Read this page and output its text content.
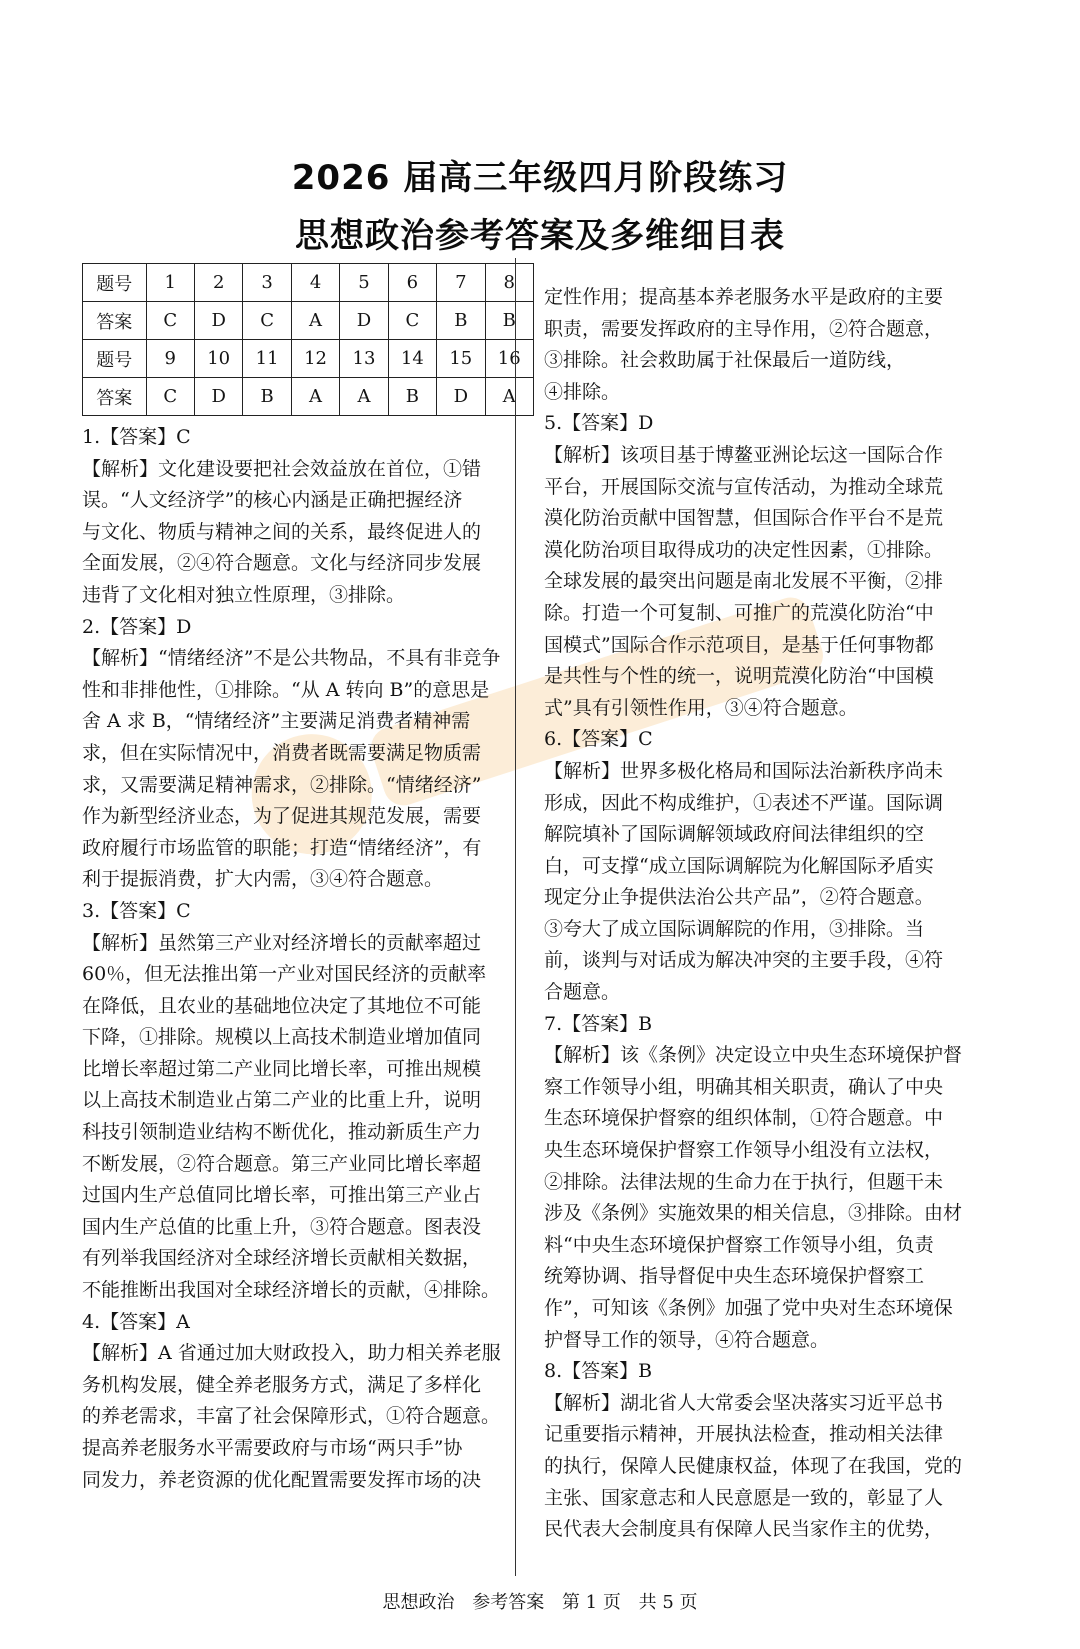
2026 届高三年级四月阶段练习
思想政治参考答案及多维细目表
题号	1	2	3	4	5	6	7	8
答案	C	D	C	A	D	C	B	B
题号	9	10	11	12	13	14	15	16
答案	C	D	B	A	A	B	D	A
1.【答案】C
【解析】文化建设要把社会效益放在首位，①错
误。“人文经济学”的核心内涵是正确把握经济
与文化、物质与精神之间的关系，最终促进人的
全面发展，②④符合题意。文化与经济同步发展
违背了文化相对独立性原理，③排除。
2.【答案】D
【解析】“情绪经济”不是公共物品，不具有非竞争
性和非排他性，①排除。“从 A 转向 B”的意思是
舍 A 求 B，“情绪经济”主要满足消费者精神需
求，但在实际情况中，消费者既需要满足物质需
求，又需要满足精神需求，②排除。“情绪经济”
作为新型经济业态，为了促进其规范发展，需要
政府履行市场监管的职能；打造“情绪经济”，有
利于提振消费，扩大内需，③④符合题意。
3.【答案】C
【解析】虽然第三产业对经济增长的贡献率超过
60％，但无法推出第一产业对国民经济的贡献率
在降低，且农业的基础地位决定了其地位不可能
下降，①排除。规模以上高技术制造业增加值同
比增长率超过第二产业同比增长率，可推出规模
以上高技术制造业占第二产业的比重上升，说明
科技引领制造业结构不断优化，推动新质生产力
不断发展，②符合题意。第三产业同比增长率超
过国内生产总值同比增长率，可推出第三产业占
国内生产总值的比重上升，③符合题意。图表没
有列举我国经济对全球经济增长贡献相关数据，
不能推断出我国对全球经济增长的贡献，④排除。
4.【答案】A
【解析】A 省通过加大财政投入，助力相关养老服
务机构发展，健全养老服务方式，满足了多样化
的养老需求，丰富了社会保障形式，①符合题意。
提高养老服务水平需要政府与市场“两只手”协
同发力，养老资源的优化配置需要发挥市场的决
定性作用；提高基本养老服务水平是政府的主要
职责，需要发挥政府的主导作用，②符合题意，
③排除。社会救助属于社保最后一道防线，
④排除。
5.【答案】D
【解析】该项目基于博鳌亚洲论坛这一国际合作
平台，开展国际交流与宣传活动，为推动全球荒
漠化防治贡献中国智慧，但国际合作平台不是荒
漠化防治项目取得成功的决定性因素，①排除。
全球发展的最突出问题是南北发展不平衡，②排
除。打造一个可复制、可推广的荒漠化防治“中
国模式”国际合作示范项目，是基于任何事物都
是共性与个性的统一，说明荒漠化防治“中国模
式”具有引领性作用，③④符合题意。
6.【答案】C
【解析】世界多极化格局和国际法治新秩序尚未
形成，因此不构成维护，①表述不严谨。国际调
解院填补了国际调解领域政府间法律组织的空
白，可支撑“成立国际调解院为化解国际矛盾实
现定分止争提供法治公共产品”，②符合题意。
③夸大了成立国际调解院的作用，③排除。当
前，谈判与对话成为解决冲突的主要手段，④符
合题意。
7.【答案】B
【解析】该《条例》决定设立中央生态环境保护督
察工作领导小组，明确其相关职责，确认了中央
生态环境保护督察的组织体制，①符合题意。中
央生态环境保护督察工作领导小组没有立法权，
②排除。法律法规的生命力在于执行，但题干未
涉及《条例》实施效果的相关信息，③排除。由材
料“中央生态环境保护督察工作领导小组，负责
统筹协调、指导督促中央生态环境保护督察工
作”，可知该《条例》加强了党中央对生态环境保
护督导工作的领导，④符合题意。
8.【答案】B
【解析】湖北省人大常委会坚决落实习近平总书
记重要指示精神，开展执法检查，推动相关法律
的执行，保障人民健康权益，体现了在我国，党的
主张、国家意志和人民意愿是一致的，彰显了人
民代表大会制度具有保障人民当家作主的优势，
思想政治 参考答案 第 1 页 共 5 页
